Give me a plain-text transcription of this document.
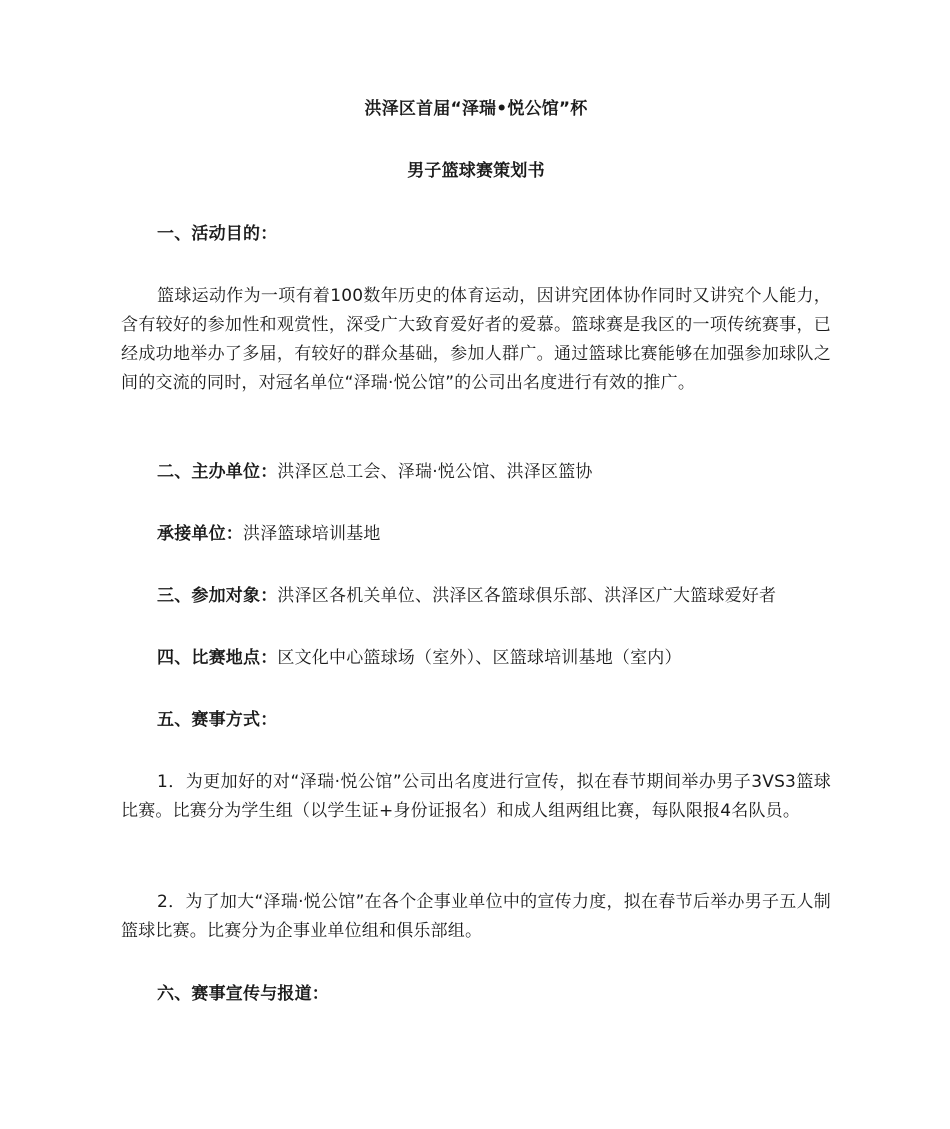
洪泽区首届“泽瑞•悦公馆”杯

男子篮球赛策划书

一、活动目的：

篮球运动作为一项有着100数年历史的体育运动，因讲究团体协作同时又讲究个人能力，含有较好的参加性和观赏性，深受广大致育爱好者的爱慕。篮球赛是我区的一项传统赛事，已经成功地举办了多届，有较好的群众基础，参加人群广。通过篮球比赛能够在加强参加球队之间的交流的同时，对冠名单位“泽瑞·悦公馆”的公司出名度进行有效的推广。

二、主办单位：洪泽区总工会、泽瑞·悦公馆、洪泽区篮协

承接单位：洪泽篮球培训基地

三、参加对象：洪泽区各机关单位、洪泽区各篮球俱乐部、洪泽区广大篮球爱好者

四、比赛地点：区文化中心篮球场（室外）、区篮球培训基地（室内）

五、赛事方式：

1．为更加好的对“泽瑞·悦公馆”公司出名度进行宣传，拟在春节期间举办男子3VS3篮球比赛。比赛分为学生组（以学生证+身份证报名）和成人组两组比赛，每队限报4名队员。

2．为了加大“泽瑞·悦公馆”在各个企事业单位中的宣传力度，拟在春节后举办男子五人制篮球比赛。比赛分为企事业单位组和俱乐部组。

六、赛事宣传与报道：
